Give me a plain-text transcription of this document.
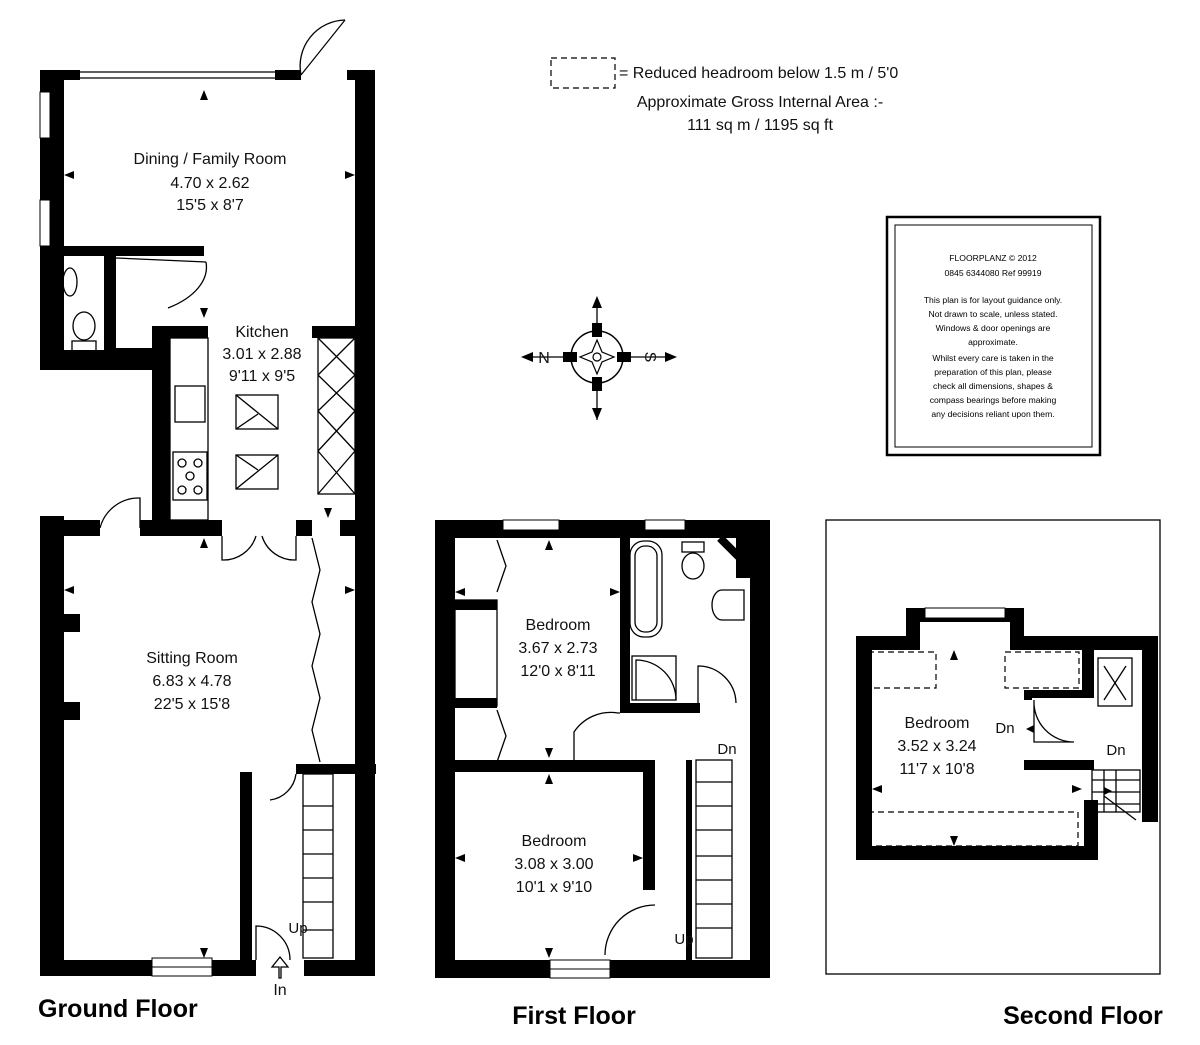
= Reduced headroom below 1.5 m / 5'0
Approximate Gross Internal Area :-
111 sq m / 1195 sq ft
FLOORPLANZ © 2012
0845 6344080 Ref 99919
This plan is for layout guidance only.
Not drawn to scale, unless stated.
Windows & door openings are
approximate.
Whilst every care is taken in the
preparation of this plan, please
check all dimensions, shapes &
compass bearings before making
any decisions reliant upon them.
N	S
Dining / Family Room
4.70 x 2.62
15'5 x 8'7
Kitchen
3.01 x 2.88
9'11 x 9'5
Sitting Room
6.83 x 4.78
22'5 x 15'8
Up
In
Ground Floor
Bedroom
3.67 x 2.73
12'0 x 8'11
Bedroom
3.08 x 3.00
10'1 x 9'10
Dn
Up
First Floor
Bedroom
3.52 x 3.24
11'7 x 10'8
Dn
Dn
Second Floor
